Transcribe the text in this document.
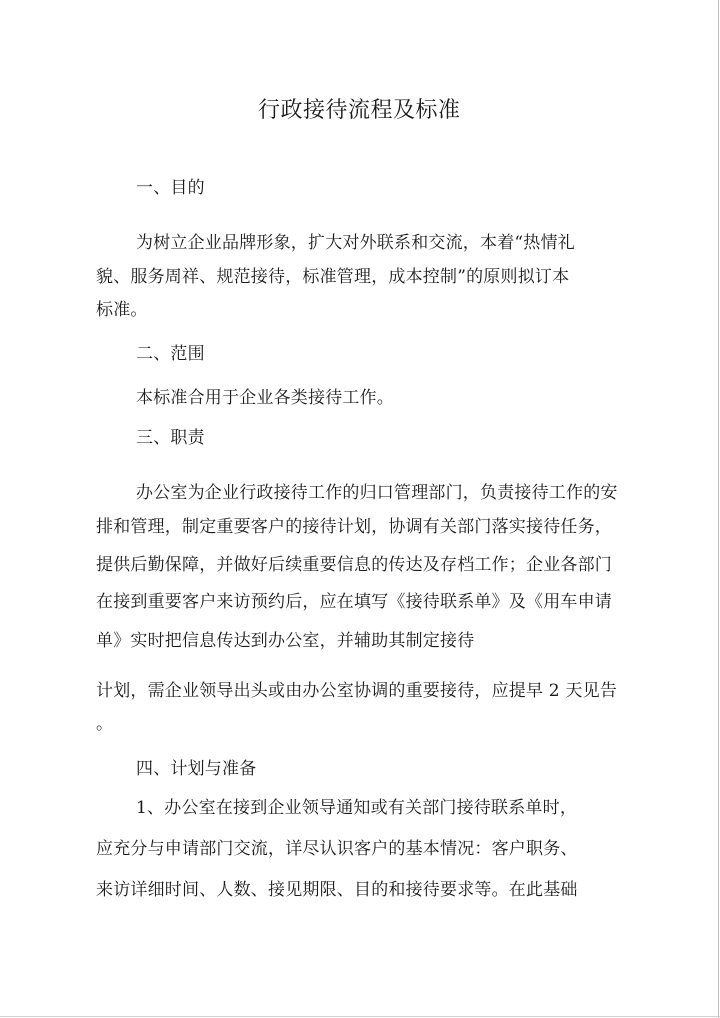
行政接待流程及标准
一、目的
为树立企业品牌形象，扩大对外联系和交流，本着“热情礼
貌、服务周祥、规范接待，标准管理，成本控制”的原则拟订本
标准。
二、范围
本标准合用于企业各类接待工作。
三、职责
办公室为企业行政接待工作的归口管理部门，负责接待工作的安
排和管理，制定重要客户的接待计划，协调有关部门落实接待任务，
提供后勤保障，并做好后续重要信息的传达及存档工作；企业各部门
在接到重要客户来访预约后，应在填写《接待联系单》及《用车申请
单》实时把信息传达到办公室，并辅助其制定接待
计划，需企业领导出头或由办公室协调的重要接待，应提早 2 天见告
。
四、计划与准备
1、办公室在接到企业领导通知或有关部门接待联系单时，
应充分与申请部门交流，详尽认识客户的基本情况：客户职务、
来访详细时间、人数、接见期限、目的和接待要求等。在此基础
